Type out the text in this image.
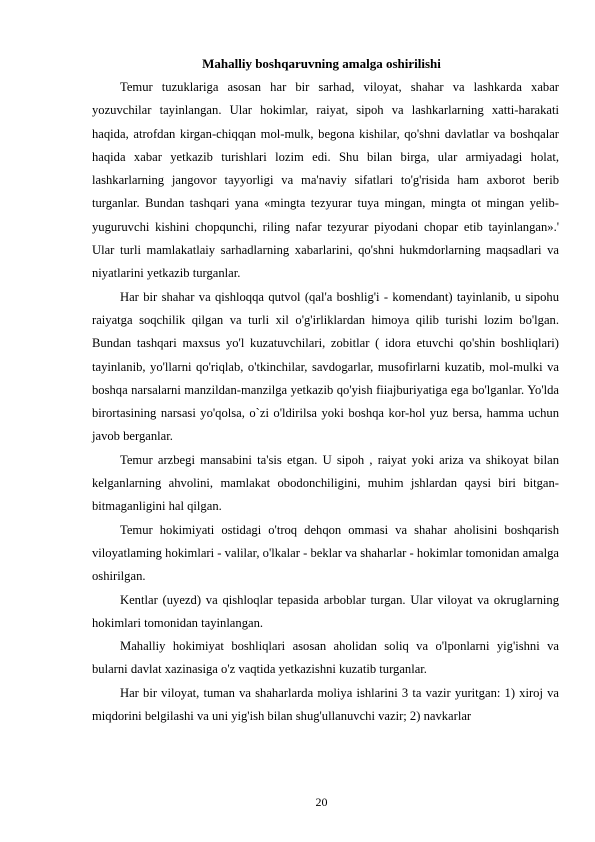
Mahalliy boshqaruvning amalga oshirilishi

Temur tuzuklariga asosan har bir sarhad, viloyat, shahar va lashkarda xabar yozuvchilar tayinlangan. Ular hokimlar, raiyat, sipoh va lashkarlarning xatti-harakati haqida, atrofdan kirgan-chiqqan mol-mulk, begona kishilar, qo'shni davlatlar va boshqalar haqida xabar yetkazib turishlari lozim edi. Shu bilan birga, ular armiyadagi holat, lashkarlarning jangovor tayyorligi va ma'naviy sifatlari to'g'risida ham axborot berib turganlar. Bundan tashqari yana «mingta tezyurar tuya mingan, mingta ot mingan yelib-yuguruvchi kishini chopqunchi, riling nafar tezyurar piyodani chopar etib tayinlangan».' Ular turli mamlakatlaiy sarhadlarning xabarlarini, qo'shni hukmdorlarning maqsadlari va niyatlarini yetkazib turganlar.

Har bir shahar va qishloqqa qutvol (qal'a boshlig'i - komendant) tayinlanib, u sipohu raiyatga soqchilik qilgan va turli xil o'g'irliklardan himoya qilib turishi lozim bo'lgan. Bundan tashqari maxsus yo'l kuzatuvchilari, zobitlar ( idora etuvchi qo'shin boshliqlari) tayinlanib, yo'llarni qo'riqlab, o'tkinchilar, savdogarlar, musofirlarni kuzatib, mol-mulki va boshqa narsalarni manzildan-manzilga yetkazib qo'yish fiiajburiyatiga ega bo'lganlar. Yo'lda birortasining narsasi yo'qolsa, o`zi o'ldirilsa yoki boshqa kor-hol yuz bersa, hamma uchun javob berganlar.

Temur arzbegi mansabini ta'sis etgan. U sipoh , raiyat yoki ariza va shikoyat bilan kelganlarning ahvolini, mamlakat obodonchiligini, muhim jshlardan qaysi biri bitgan-bitmaganligini hal qilgan.

Temur hokimiyati ostidagi o'troq dehqon ommasi va shahar aholisini boshqarish viloyatlaming hokimlari - valilar, o'lkalar - beklar va shaharlar - hokimlar tomonidan amalga oshirilgan.

Kentlar (uyezd) va qishloqlar tepasida arboblar turgan. Ular viloyat va okruglarning hokimlari tomonidan tayinlangan.

Mahalliy hokimiyat boshliqlari asosan aholidan soliq va o'lponlarni yig'ishni va bularni davlat xazinasiga o'z vaqtida yetkazishni kuzatib turganlar.

Har bir viloyat, tuman va shaharlarda moliya ishlarini 3 ta vazir yuritgan: 1) xiroj va miqdorini belgilashi va uni yig'ish bilan shug'ullanuvchi vazir; 2) navkarlar

20
